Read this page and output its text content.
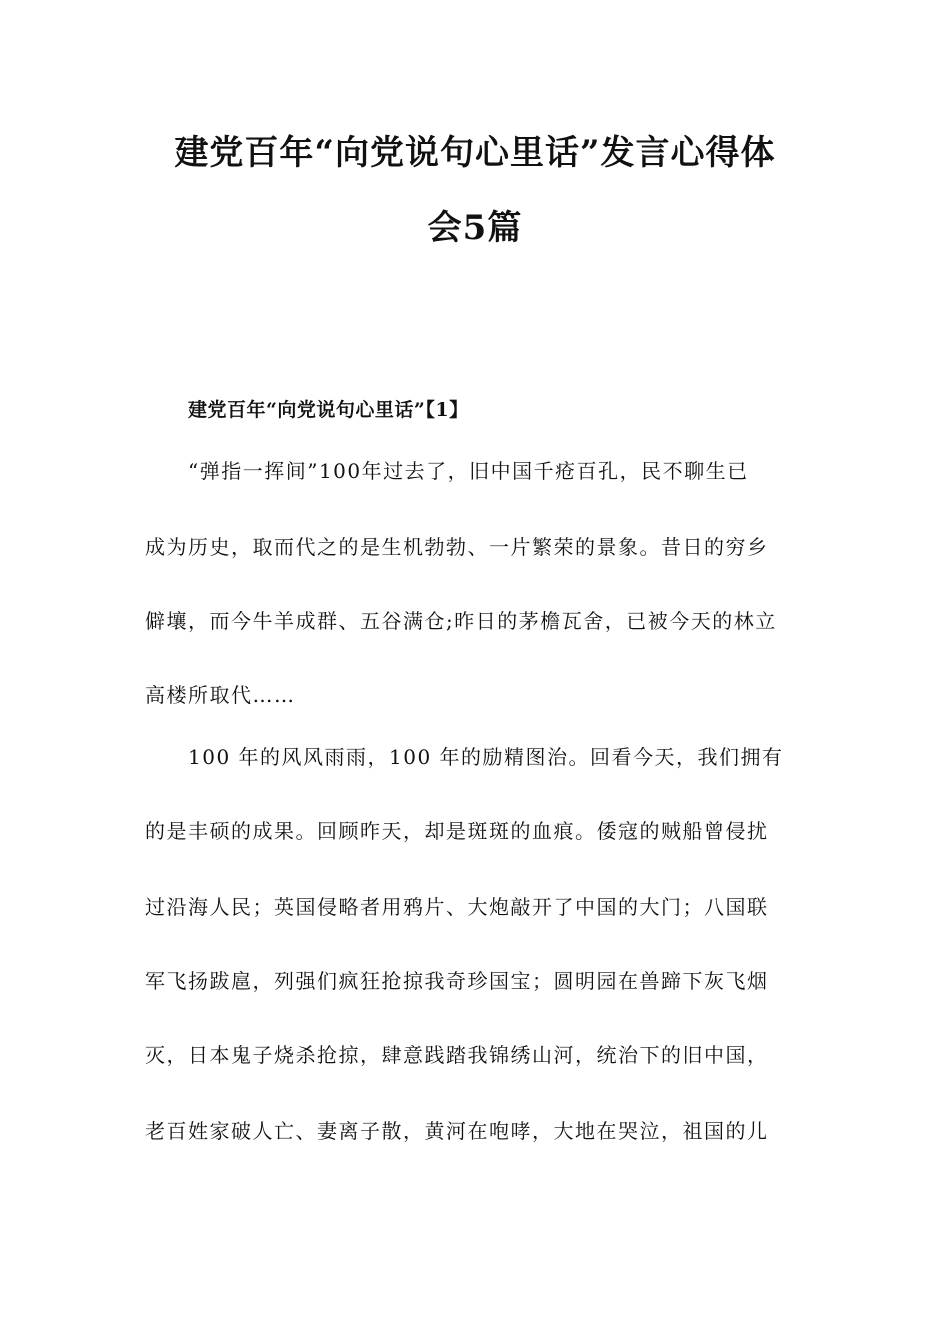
建党百年“向党说句心里话”发言心得体
会5篇
建党百年“向党说句心里话”【1】

“弹指一挥间”100年过去了，旧中国千疮百孔，民不聊生已

成为历史，取而代之的是生机勃勃、一片繁荣的景象。昔日的穷乡

僻壤，而今牛羊成群、五谷满仓;昨日的茅檐瓦舍，已被今天的林立

高楼所取代……

100 年的风风雨雨，100 年的励精图治。回看今天，我们拥有

的是丰硕的成果。回顾昨天，却是斑斑的血痕。倭寇的贼船曾侵扰

过沿海人民；英国侵略者用鸦片、大炮敲开了中国的大门；八国联

军飞扬跋扈，列强们疯狂抢掠我奇珍国宝；圆明园在兽蹄下灰飞烟

灭，日本鬼子烧杀抢掠，肆意践踏我锦绣山河，统治下的旧中国，

老百姓家破人亡、妻离子散，黄河在咆哮，大地在哭泣，祖国的儿
